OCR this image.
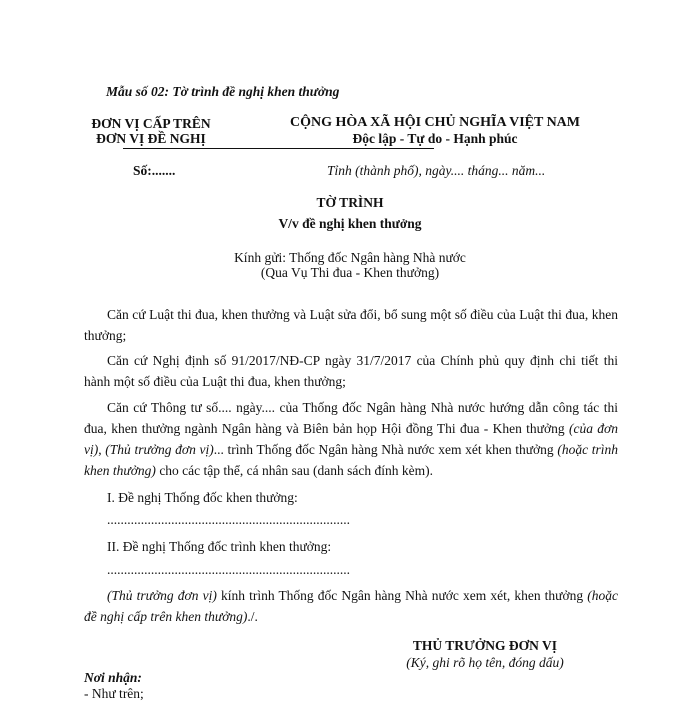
Mẫu số 02: Tờ trình đề nghị khen thưởng
ĐƠN VỊ CẤP TRÊN
ĐƠN VỊ ĐỀ NGHỊ
CỘNG HÒA XÃ HỘI CHỦ NGHĨA VIỆT NAM
Độc lập - Tự do - Hạnh phúc
Số:.......	Tỉnh (thành phố), ngày.... tháng... năm...
TỜ TRÌNH
V/v đề nghị khen thưởng
Kính gửi: Thống đốc Ngân hàng Nhà nước
(Qua Vụ Thi đua - Khen thưởng)
Căn cứ Luật thi đua, khen thưởng và Luật sửa đổi, bổ sung một số điều của Luật thi đua, khen thưởng;
Căn cứ Nghị định số 91/2017/NĐ-CP ngày 31/7/2017 của Chính phủ quy định chi tiết thi hành một số điều của Luật thi đua, khen thưởng;
Căn cứ Thông tư số.... ngày.... của Thống đốc Ngân hàng Nhà nước hướng dẫn công tác thi đua, khen thưởng ngành Ngân hàng và Biên bản họp Hội đồng Thi đua - Khen thưởng (của đơn vị), (Thủ trưởng đơn vị)... trình Thống đốc Ngân hàng Nhà nước xem xét khen thưởng (hoặc trình khen thưởng) cho các tập thể, cá nhân sau (danh sách đính kèm).
I. Đề nghị Thống đốc khen thưởng:
........................................................................
II. Đề nghị Thống đốc trình khen thưởng:
........................................................................
(Thủ trưởng đơn vị) kính trình Thống đốc Ngân hàng Nhà nước xem xét, khen thưởng (hoặc đề nghị cấp trên khen thưởng)./.
THỦ TRƯỞNG ĐƠN VỊ
(Ký, ghi rõ họ tên, đóng dấu)
Nơi nhận:
- Như trên;
